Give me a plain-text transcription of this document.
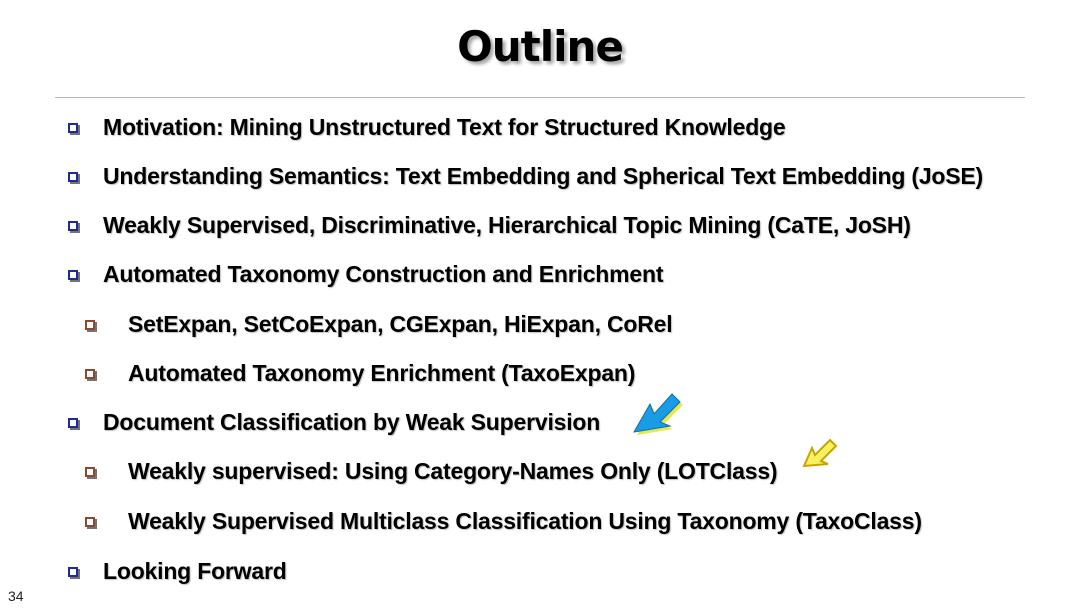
Outline
Motivation: Mining Unstructured Text for Structured Knowledge
Understanding Semantics: Text Embedding and Spherical Text Embedding (JoSE)
Weakly Supervised, Discriminative, Hierarchical Topic Mining (CaTE, JoSH)
Automated Taxonomy Construction and Enrichment
SetExpan, SetCoExpan, CGExpan, HiExpan, CoRel
Automated Taxonomy Enrichment (TaxoExpan)
Document Classification by Weak Supervision
Weakly supervised: Using Category-Names Only (LOTClass)
Weakly Supervised Multiclass Classification Using Taxonomy (TaxoClass)
Looking Forward
34
